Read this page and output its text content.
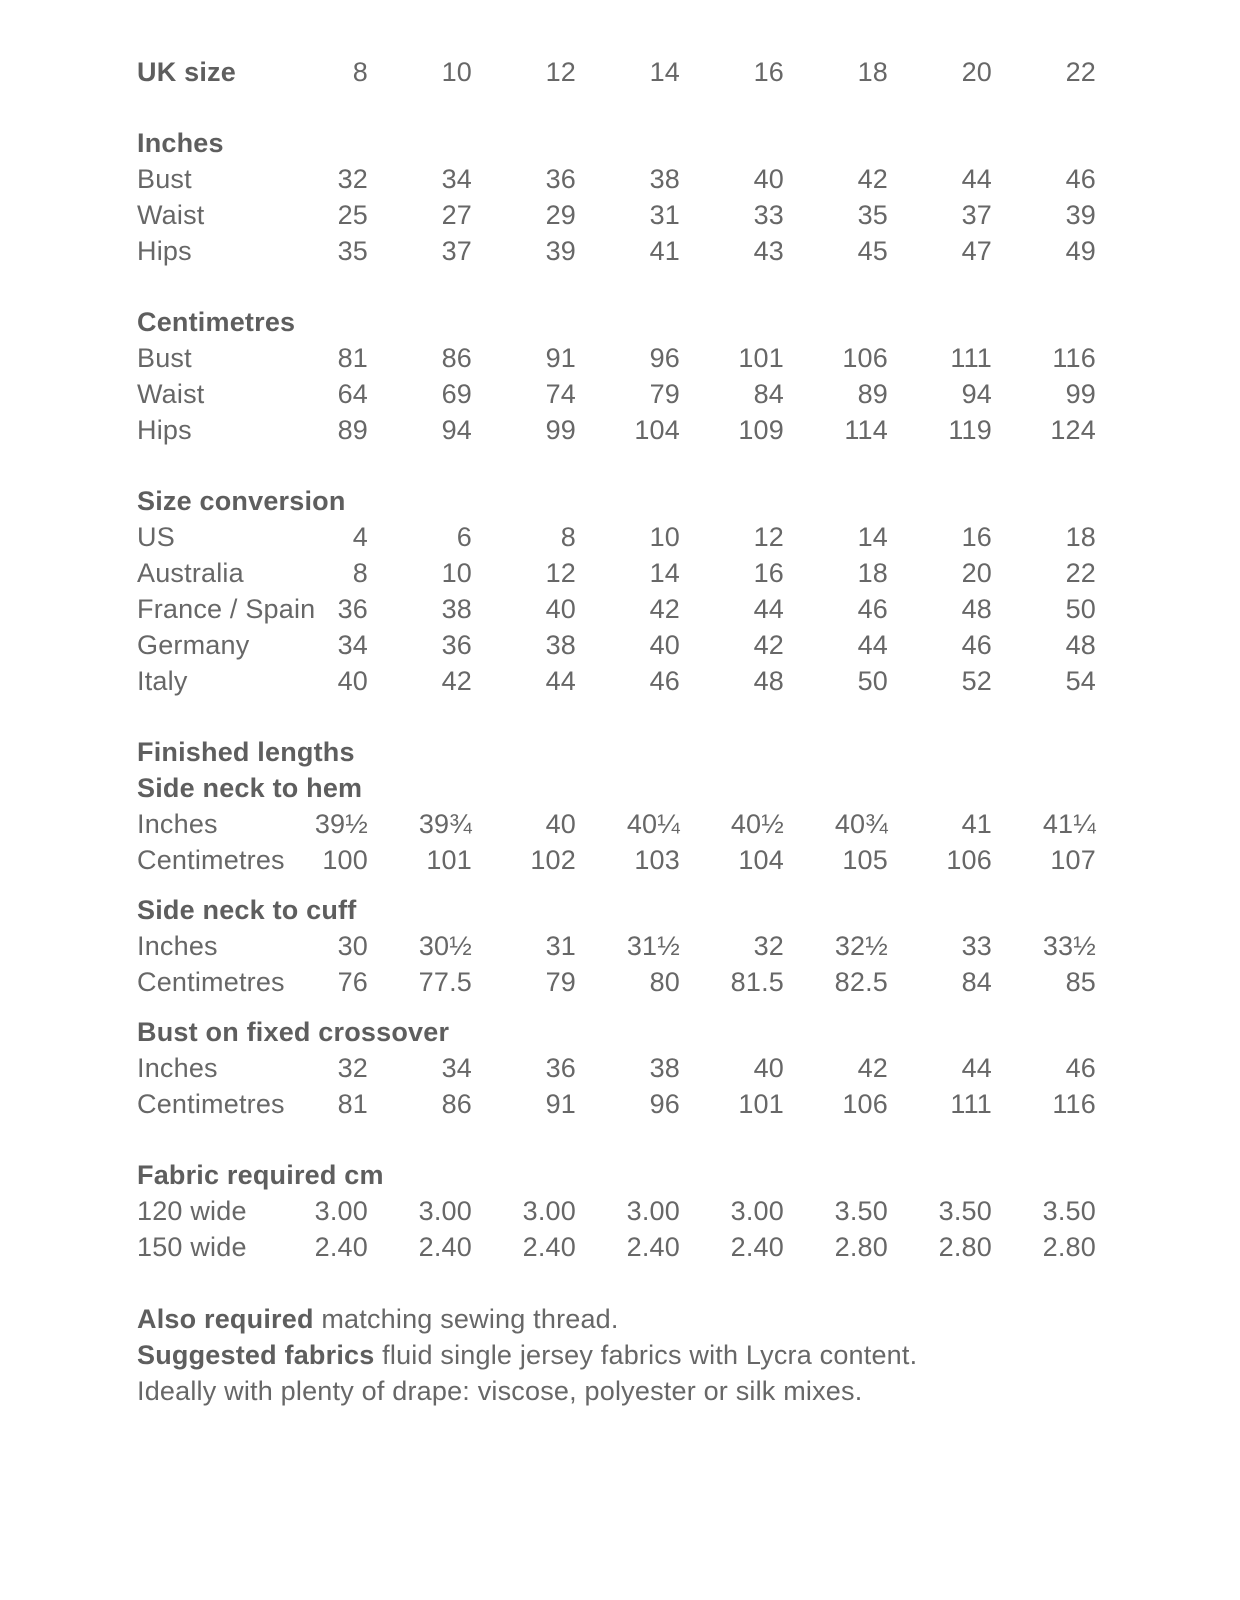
UK size	8	10	12	14	16	18	20	22
Inches
Bust	32	34	36	38	40	42	44	46
Waist	25	27	29	31	33	35	37	39
Hips	35	37	39	41	43	45	47	49
Centimetres
Bust	81	86	91	96	101	106	111	116
Waist	64	69	74	79	84	89	94	99
Hips	89	94	99	104	109	114	119	124
Size conversion
US	4	6	8	10	12	14	16	18
Australia	8	10	12	14	16	18	20	22
France / Spain 36	38	40	42	44	46	48	50
Germany	34	36	38	40	42	44	46	48
Italy	40	42	44	46	48	50	52	54
Finished lengths
Side neck to hem
Inches	39½	39¾	40	40¼	40½	40¾	41	41¼
Centimetres	100	101	102	103	104	105	106	107
Side neck to cuff
Inches	30	30½	31	31½	32	32½	33	33½
Centimetres	76	77.5	79	80	81.5	82.5	84	85
Bust on fixed crossover
Inches	32	34	36	38	40	42	44	46
Centimetres	81	86	91	96	101	106	111	116
Fabric required cm
120 wide	3.00	3.00	3.00	3.00	3.00	3.50	3.50	3.50
150 wide	2.40	2.40	2.40	2.40	2.40	2.80	2.80	2.80
Also required matching sewing thread.
Suggested fabrics fluid single jersey fabrics with Lycra content.
Ideally with plenty of drape: viscose, polyester or silk mixes.
